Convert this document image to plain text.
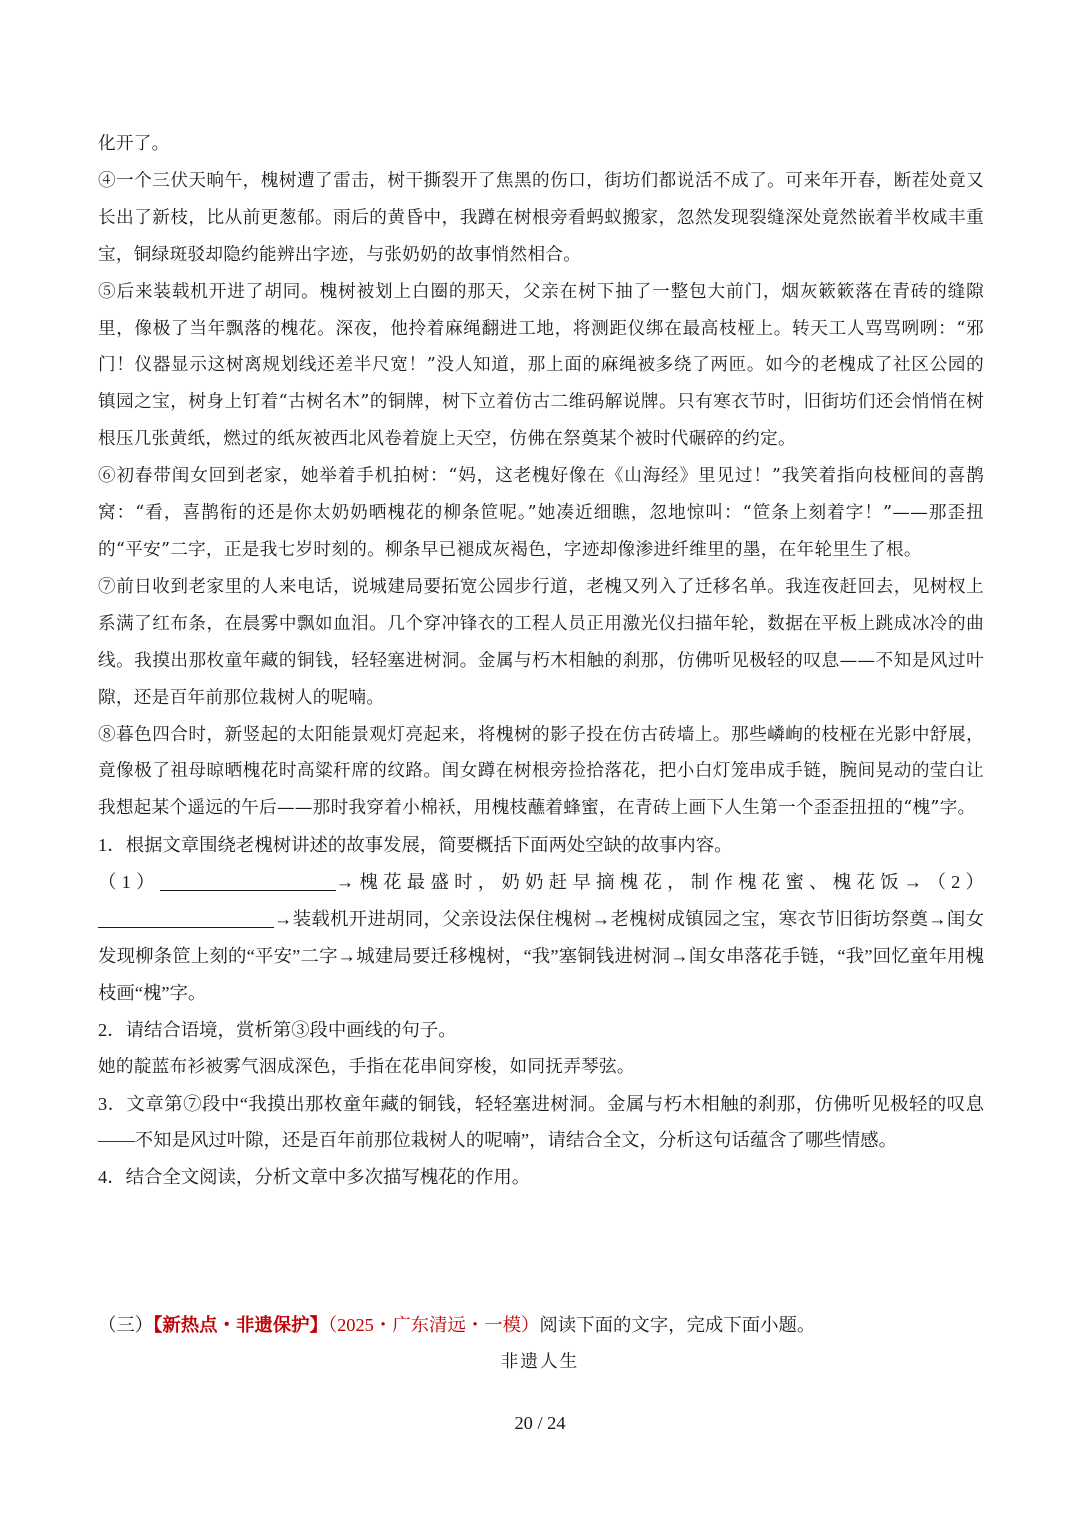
化开了。

④一个三伏天晌午，槐树遭了雷击，树干撕裂开了焦黑的伤口，街坊们都说活不成了。可来年开春，断茬处竟又长出了新枝，比从前更葱郁。雨后的黄昏中，我蹲在树根旁看蚂蚁搬家，忽然发现裂缝深处竟然嵌着半枚咸丰重宝，铜绿斑驳却隐约能辨出字迹，与张奶奶的故事悄然相合。

⑤后来装载机开进了胡同。槐树被划上白圈的那天，父亲在树下抽了一整包大前门，烟灰簌簌落在青砖的缝隙里，像极了当年飘落的槐花。深夜，他拎着麻绳翻进工地，将测距仪绑在最高枝桠上。转天工人骂骂咧咧：“邪门！仪器显示这树离规划线还差半尺宽！”没人知道，那上面的麻绳被多绕了两匝。如今的老槐成了社区公园的镇园之宝，树身上钉着“古树名木”的铜牌，树下立着仿古二维码解说牌。只有寒衣节时，旧街坊们还会悄悄在树根压几张黄纸，燃过的纸灰被西北风卷着旋上天空，仿佛在祭奠某个被时代碾碎的约定。

⑥初春带闺女回到老家，她举着手机拍树：“妈，这老槐好像在《山海经》里见过！”我笑着指向枝桠间的喜鹊窝：“看，喜鹊衔的还是你太奶奶晒槐花的柳条笸呢。”她凑近细瞧，忽地惊叫：“笸条上刻着字！”——那歪扭的“平安”二字，正是我七岁时刻的。柳条早已褪成灰褐色，字迹却像渗进纤维里的墨，在年轮里生了根。

⑦前日收到老家里的人来电话，说城建局要拓宽公园步行道，老槐又列入了迁移名单。我连夜赶回去，见树杈上系满了红布条，在晨雾中飘如血泪。几个穿冲锋衣的工程人员正用激光仪扫描年轮，数据在平板上跳成冰冷的曲线。我摸出那枚童年藏的铜钱，轻轻塞进树洞。金属与朽木相触的刹那，仿佛听见极轻的叹息——不知是风过叶隙，还是百年前那位栽树人的呢喃。

⑧暮色四合时，新竖起的太阳能景观灯亮起来，将槐树的影子投在仿古砖墙上。那些嶙峋的枝桠在光影中舒展，竟像极了祖母晾晒槐花时高粱秆席的纹路。闺女蹲在树根旁捡拾落花，把小白灯笼串成手链，腕间晃动的莹白让我想起某个遥远的午后——那时我穿着小棉袄，用槐枝蘸着蜂蜜，在青砖上画下人生第一个歪歪扭扭的“槐”字。

1．根据文章围绕老槐树讲述的故事发展，简要概括下面两处空缺的故事内容。

（1）	→槐花最盛时，奶奶赶早摘槐花，制作槐花蜜、槐花饭→（2）→装载机开进胡同，父亲设法保住槐树→老槐树成镇园之宝，寒衣节旧街坊祭奠→闺女发现柳条笸上刻的“平安”二字→城建局要迁移槐树，“我”塞铜钱进树洞→闺女串落花手链，“我”回忆童年用槐枝画“槐”字。

2．请结合语境，赏析第③段中画线的句子。

她的靛蓝布衫被雾气洇成深色，手指在花串间穿梭，如同抚弄琴弦。

3．文章第⑦段中“我摸出那枚童年藏的铜钱，轻轻塞进树洞。金属与朽木相触的刹那，仿佛听见极轻的叹息——不知是风过叶隙，还是百年前那位栽树人的呢喃”，请结合全文，分析这句话蕴含了哪些情感。

4．结合全文阅读，分析文章中多次描写槐花的作用。

（三）【新热点・非遗保护】（2025・广东清远・一模）阅读下面的文字，完成下面小题。
非遗人生
20 / 24
